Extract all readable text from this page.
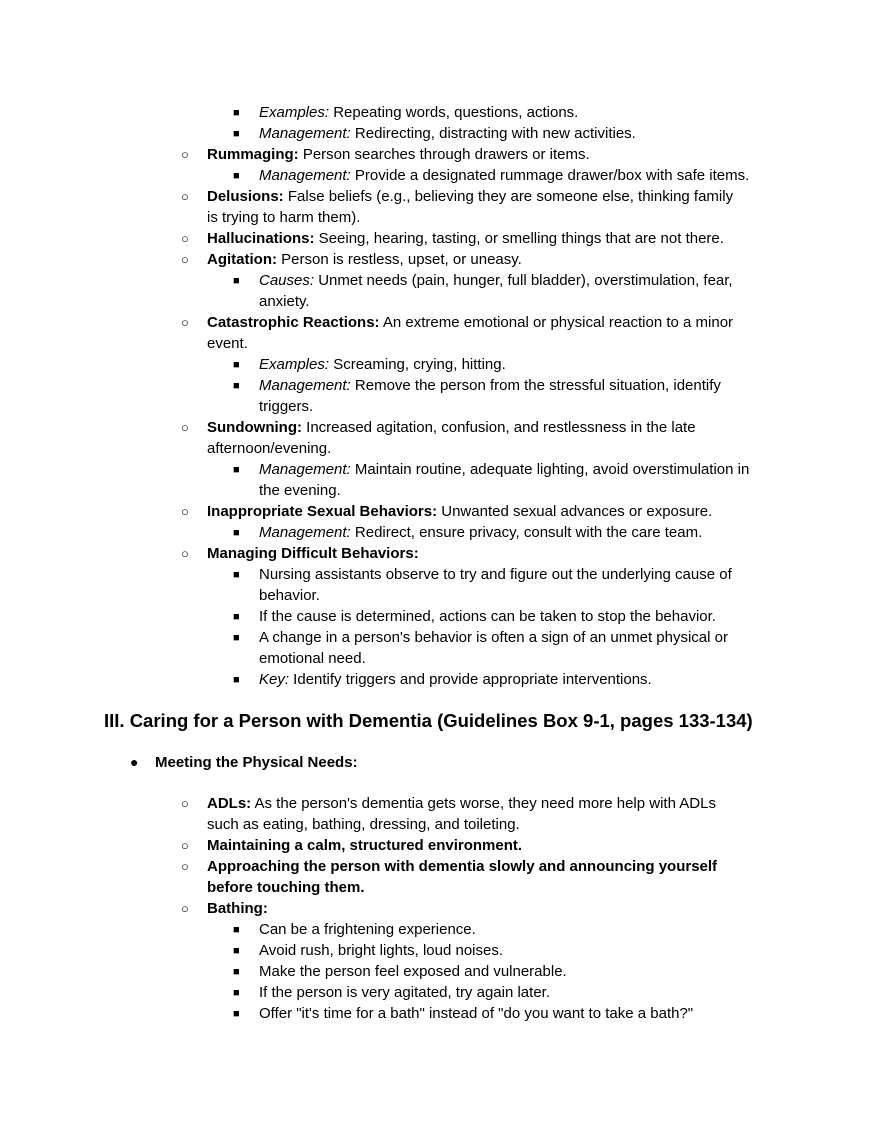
■ Examples: Repeating words, questions, actions.
■ Management: Redirecting, distracting with new activities.
○ Rummaging: Person searches through drawers or items.
■ Management: Provide a designated rummage drawer/box with safe items.
○ Delusions: False beliefs (e.g., believing they are someone else, thinking family
is trying to harm them).
○ Hallucinations: Seeing, hearing, tasting, or smelling things that are not there.
○ Agitation: Person is restless, upset, or uneasy.
■ Causes: Unmet needs (pain, hunger, full bladder), overstimulation, fear,
anxiety.
○ Catastrophic Reactions: An extreme emotional or physical reaction to a minor
event.
■ Examples: Screaming, crying, hitting.
■ Management: Remove the person from the stressful situation, identify
triggers.
○ Sundowning: Increased agitation, confusion, and restlessness in the late
afternoon/evening.
■ Management: Maintain routine, adequate lighting, avoid overstimulation in
the evening.
○ Inappropriate Sexual Behaviors: Unwanted sexual advances or exposure.
■ Management: Redirect, ensure privacy, consult with the care team.
○ Managing Difficult Behaviors:
■ Nursing assistants observe to try and figure out the underlying cause of
behavior.
■ If the cause is determined, actions can be taken to stop the behavior.
■ A change in a person's behavior is often a sign of an unmet physical or
emotional need.
■ Key: Identify triggers and provide appropriate interventions.
III. Caring for a Person with Dementia (Guidelines Box 9-1, pages 133-134)
● Meeting the Physical Needs:
○ ADLs: As the person's dementia gets worse, they need more help with ADLs
such as eating, bathing, dressing, and toileting.
○ Maintaining a calm, structured environment.
○ Approaching the person with dementia slowly and announcing yourself
before touching them.
○ Bathing:
■ Can be a frightening experience.
■ Avoid rush, bright lights, loud noises.
■ Make the person feel exposed and vulnerable.
■ If the person is very agitated, try again later.
■ Offer "it's time for a bath" instead of "do you want to take a bath?"
